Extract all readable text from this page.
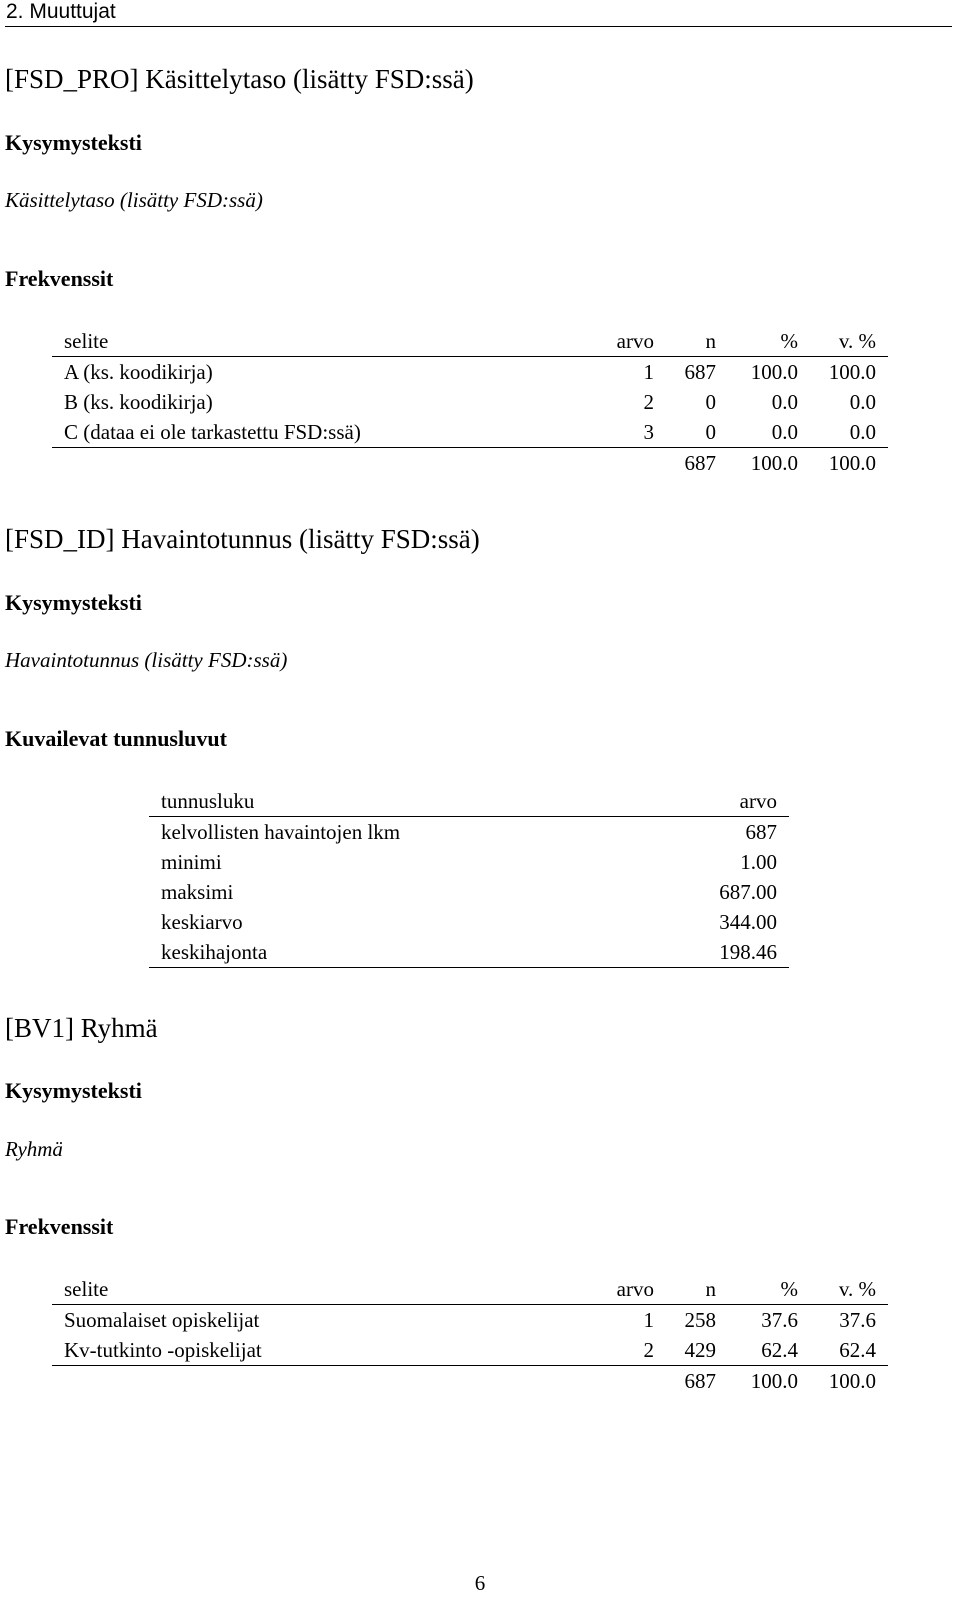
2. Muuttujat
[FSD_PRO] Käsittelytaso (lisätty FSD:ssä)
Kysymysteksti
Käsittelytaso (lisätty FSD:ssä)
Frekvenssit
selite	arvo	n	%	v. %
A (ks. koodikirja)	1	687	100.0	100.0
B (ks. koodikirja)	2	0	0.0	0.0
C (dataa ei ole tarkastettu FSD:ssä)	3	0	0.0	0.0
		687	100.0	100.0
[FSD_ID] Havaintotunnus (lisätty FSD:ssä)
Kysymysteksti
Havaintotunnus (lisätty FSD:ssä)
Kuvailevat tunnusluvut
tunnusluku	arvo
kelvollisten havaintojen lkm	687
minimi	1.00
maksimi	687.00
keskiarvo	344.00
keskihajonta	198.46
[BV1] Ryhmä
Kysymysteksti
Ryhmä
Frekvenssit
selite	arvo	n	%	v. %
Suomalaiset opiskelijat	1	258	37.6	37.6
Kv-tutkinto -opiskelijat	2	429	62.4	62.4
		687	100.0	100.0
6
